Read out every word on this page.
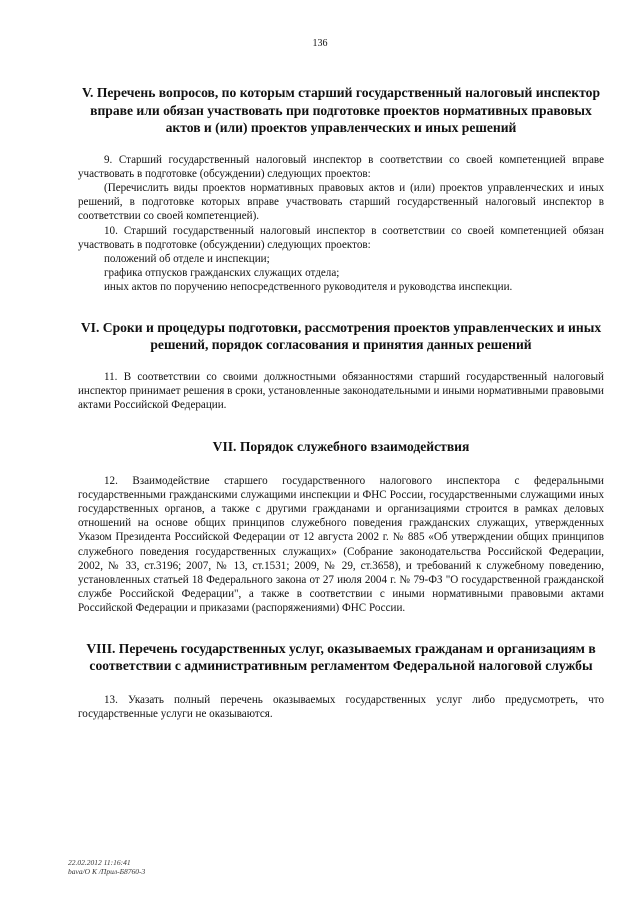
136
V. Перечень вопросов, по которым старший государственный налоговый инспектор вправе или обязан участвовать при подготовке проектов нормативных правовых актов и (или) проектов управленческих и иных решений

9. Старший государственный налоговый инспектор в соответствии со своей компетенцией вправе участвовать в подготовке (обсуждении) следующих проектов:

(Перечислить виды проектов нормативных правовых актов и (или) проектов управленческих и иных решений, в подготовке которых вправе участвовать старший государственный налоговый инспектор в соответствии со своей компетенцией).

10. Старший государственный налоговый инспектор в соответствии со своей компетенцией обязан участвовать в подготовке (обсуждении) следующих проектов:

положений об отделе и инспекции;

графика отпусков гражданских служащих отдела;

иных актов по поручению непосредственного руководителя и руководства инспекции.

VI. Сроки и процедуры подготовки, рассмотрения проектов управленческих и иных решений, порядок согласования и принятия данных решений

11. В соответствии со своими должностными обязанностями старший государственный налоговый инспектор принимает решения в сроки, установленные законодательными и иными нормативными правовыми актами Российской Федерации.

VII. Порядок служебного взаимодействия

12. Взаимодействие старшего государственного налогового инспектора с федеральными государственными гражданскими служащими инспекции и ФНС России, государственными служащими иных государственных органов, а также с другими гражданами и организациями строится в рамках деловых отношений на основе общих принципов служебного поведения гражданских служащих, утвержденных Указом Президента Российской Федерации от 12 августа 2002 г. № 885 «Об утверждении общих принципов служебного поведения государственных служащих» (Собрание законодательства Российской Федерации, 2002, № 33, ст.3196; 2007, № 13, ст.1531; 2009, № 29, ст.3658), и требований к служебному поведению, установленных статьей 18 Федерального закона от 27 июля 2004 г. № 79-ФЗ "О государственной гражданской службе Российской Федерации", а также в соответствии с иными нормативными правовыми актами Российской Федерации и приказами (распоряжениями) ФНС России.

VIII. Перечень государственных услуг, оказываемых гражданам и организациям в соответствии с административным регламентом Федеральной налоговой службы

13. Указать полный перечень оказываемых государственных услуг либо предусмотреть, что государственные услуги не оказываются.

22.02.2012 11:16:41
bava/O K /Прил-Б8760-3
